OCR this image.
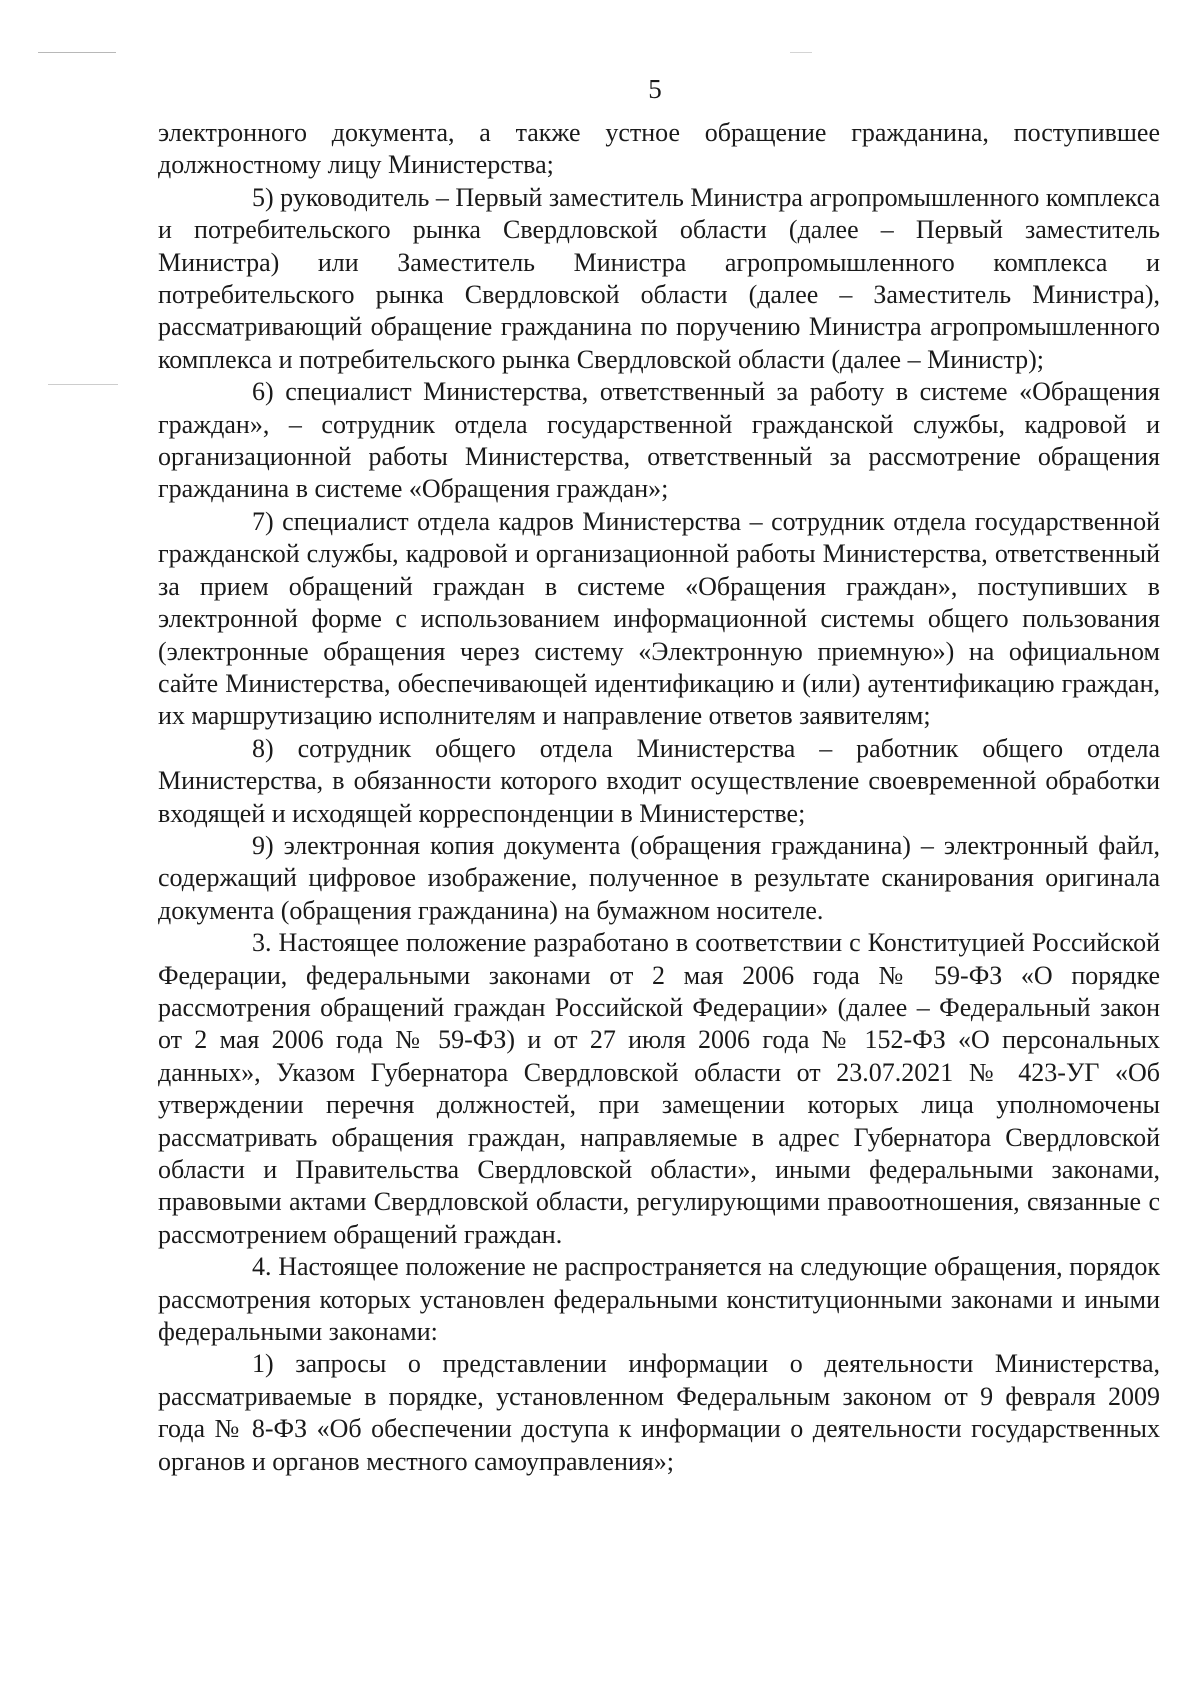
5

электронного документа, а также устное обращение гражданина, поступившее должностному лицу Министерства;

5) руководитель – Первый заместитель Министра агропромышленного комплекса и потребительского рынка Свердловской области (далее – Первый заместитель Министра) или Заместитель Министра агропромышленного комплекса и потребительского рынка Свердловской области (далее – Заместитель Министра), рассматривающий обращение гражданина по поручению Министра агропромышленного комплекса и потребительского рынка Свердловской области (далее – Министр);

6) специалист Министерства, ответственный за работу в системе «Обращения граждан», – сотрудник отдела государственной гражданской службы, кадровой и организационной работы Министерства, ответственный за рассмотрение обращения гражданина в системе «Обращения граждан»;

7) специалист отдела кадров Министерства – сотрудник отдела государственной гражданской службы, кадровой и организационной работы Министерства, ответственный за прием обращений граждан в системе «Обращения граждан», поступивших в электронной форме с использованием информационной системы общего пользования (электронные обращения через систему «Электронную приемную») на официальном сайте Министерства, обеспечивающей идентификацию и (или) аутентификацию граждан, их маршрутизацию исполнителям и направление ответов заявителям;

8) сотрудник общего отдела Министерства – работник общего отдела Министерства, в обязанности которого входит осуществление своевременной обработки входящей и исходящей корреспонденции в Министерстве;

9) электронная копия документа (обращения гражданина) – электронный файл, содержащий цифровое изображение, полученное в результате сканирования оригинала документа (обращения гражданина) на бумажном носителе.

3. Настоящее положение разработано в соответствии с Конституцией Российской Федерации, федеральными законами от 2 мая 2006 года № 59-ФЗ «О порядке рассмотрения обращений граждан Российской Федерации» (далее – Федеральный закон от 2 мая 2006 года № 59-ФЗ) и от 27 июля 2006 года № 152-ФЗ «О персональных данных», Указом Губернатора Свердловской области от 23.07.2021 № 423-УГ «Об утверждении перечня должностей, при замещении которых лица уполномочены рассматривать обращения граждан, направляемые в адрес Губернатора Свердловской области и Правительства Свердловской области», иными федеральными законами, правовыми актами Свердловской области, регулирующими правоотношения, связанные с рассмотрением обращений граждан.

4. Настоящее положение не распространяется на следующие обращения, порядок рассмотрения которых установлен федеральными конституционными законами и иными федеральными законами:

1) запросы о представлении информации о деятельности Министерства, рассматриваемые в порядке, установленном Федеральным законом от 9 февраля 2009 года № 8-ФЗ «Об обеспечении доступа к информации о деятельности государственных органов и органов местного самоуправления»;
